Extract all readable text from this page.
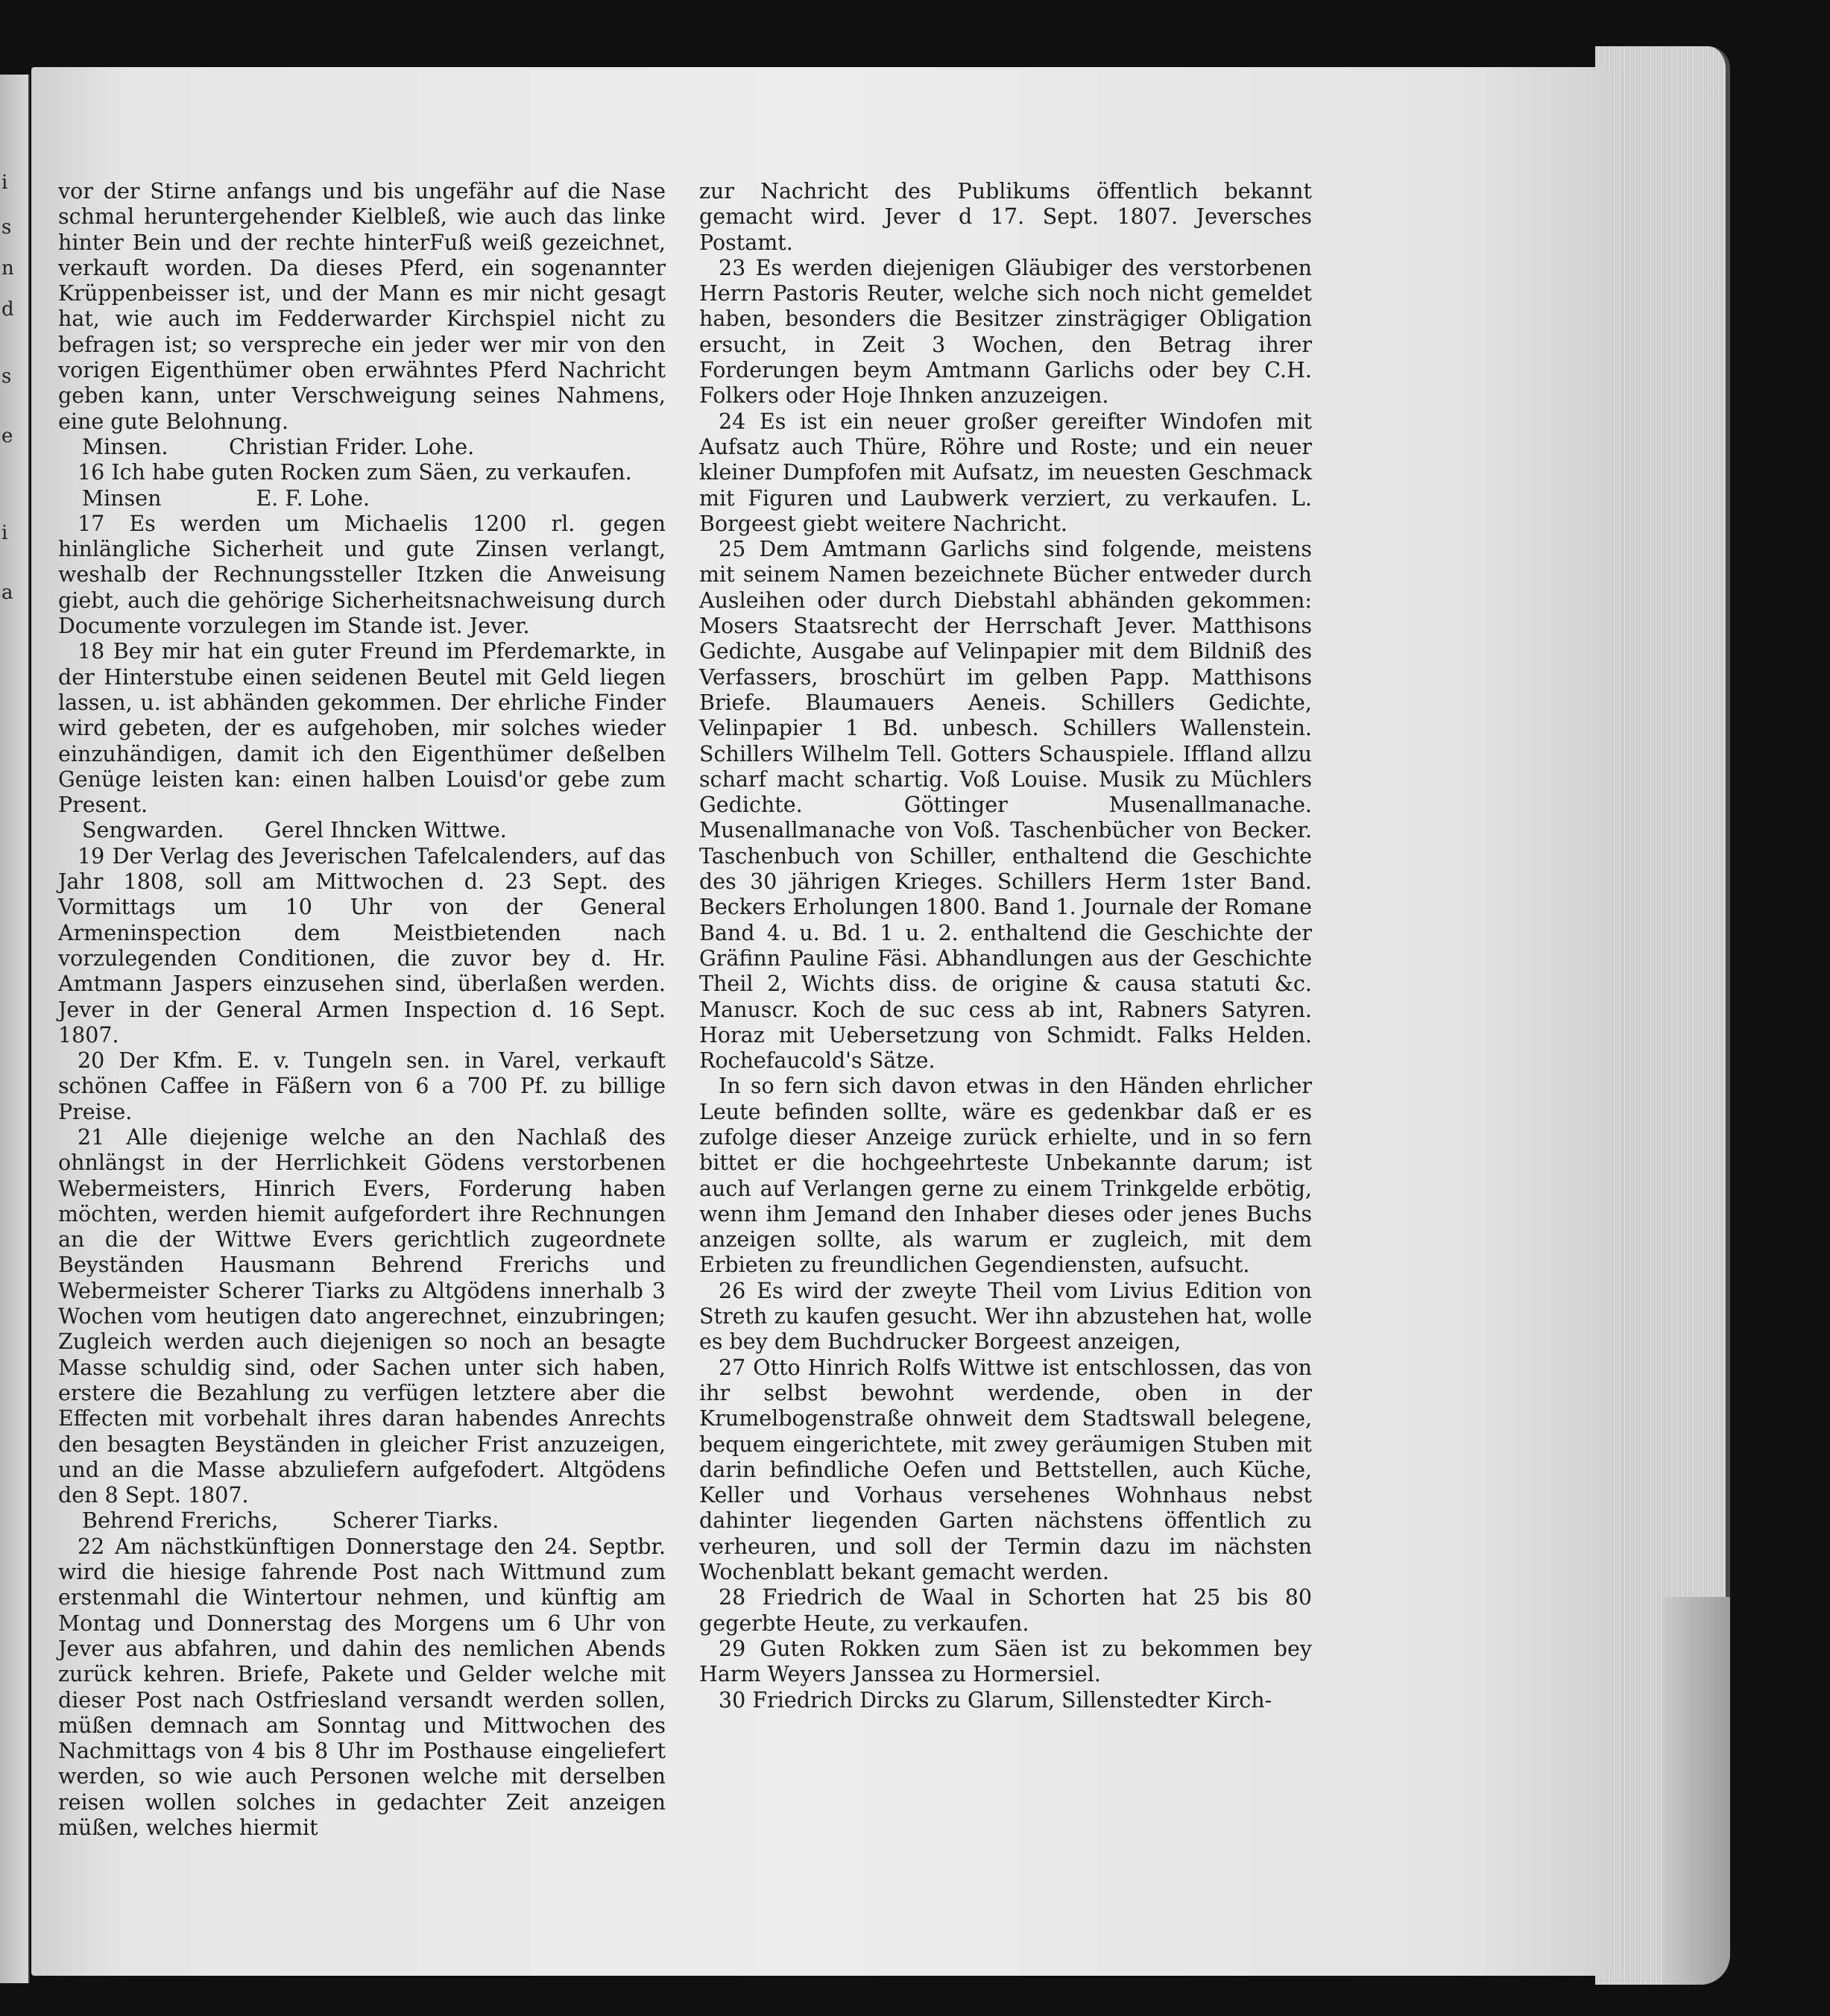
i
s
n
d
s
e
i
a

vor der Stirne anfangs und bis ungefähr auf die Nase schmal heruntergehender Kielbleß, wie auch das linke hinter Bein und der rechte hinterFuß weiß gezeichnet, verkauft worden. Da dieses Pferd, ein sogenannter Krüppenbeisser ist, und der Mann es mir nicht gesagt hat, wie auch im Fedderwarder Kirchspiel nicht zu befragen ist; so verspreche ein jeder wer mir von den vorigen Eigenthümer oben erwähntes Pferd Nachricht geben kann, unter Verschweigung seines Nahmens, eine gute Belohnung.

Minsen.         Christian Frider. Lohe.

16 Ich habe guten Rocken zum Säen, zu verkaufen.

Minsen              E. F. Lohe.

17 Es werden um Michaelis 1200 rl. gegen hinlängliche Sicherheit und gute Zinsen verlangt, weshalb der Rechnungssteller Itzken die Anweisung giebt, auch die gehörige Sicherheitsnachweisung durch Documente vorzulegen im Stande ist. Jever.

18 Bey mir hat ein guter Freund im Pferdemarkte, in der Hinterstube einen seidenen Beutel mit Geld liegen lassen, u. ist abhänden gekommen. Der ehrliche Finder wird gebeten, der es aufgehoben, mir solches wieder einzuhändigen, damit ich den Eigenthümer deßelben Genüge leisten kan: einen halben Louisd'or gebe zum Present.

Sengwarden.      Gerel Ihncken Wittwe.

19 Der Verlag des Jeverischen Tafelcalenders, auf das Jahr 1808, soll am Mittwochen d. 23 Sept. des Vormittags um 10 Uhr von der General Armeninspection dem Meistbietenden nach vorzulegenden Conditionen, die zuvor bey d. Hr. Amtmann Jaspers einzusehen sind, überlaßen werden. Jever in der General Armen Inspection d. 16 Sept. 1807.

20 Der Kfm. E. v. Tungeln sen. in Varel, verkauft schönen Caffee in Fäßern von 6 a 700 Pf. zu billige Preise.

21 Alle diejenige welche an den Nachlaß des ohnlängst in der Herrlichkeit Gödens verstorbenen Webermeisters, Hinrich Evers, Forderung haben möchten, werden hiemit aufgefordert ihre Rechnungen an die der Wittwe Evers gerichtlich zugeordnete Beyständen Hausmann Behrend Frerichs und Webermeister Scherer Tiarks zu Altgödens innerhalb 3 Wochen vom heutigen dato angerechnet, einzubringen; Zugleich werden auch diejenigen so noch an besagte Masse schuldig sind, oder Sachen unter sich haben, erstere die Bezahlung zu verfügen letztere aber die Effecten mit vorbehalt ihres daran habendes Anrechts den besagten Beyständen in gleicher Frist anzuzeigen, und an die Masse abzuliefern aufgefodert. Altgödens den 8 Sept. 1807.

Behrend Frerichs,        Scherer Tiarks.

22 Am nächstkünftigen Donnerstage den 24. Septbr. wird die hiesige fahrende Post nach Wittmund zum erstenmahl die Wintertour nehmen, und künftig am Montag und Donnerstag des Morgens um 6 Uhr von Jever aus abfahren, und dahin des nemlichen Abends zurück kehren. Briefe, Pakete und Gelder welche mit dieser Post nach Ostfriesland versandt werden sollen, müßen demnach am Sonntag und Mittwochen des Nachmittags von 4 bis 8 Uhr im Posthause eingeliefert werden, so wie auch Personen welche mit derselben reisen wollen solches in gedachter Zeit anzeigen müßen, welches hiermit

zur Nachricht des Publikums öffentlich bekannt gemacht wird. Jever d 17. Sept. 1807. Jeversches Postamt.

23 Es werden diejenigen Gläubiger des verstorbenen Herrn Pastoris Reuter, welche sich noch nicht gemeldet haben, besonders die Besitzer zinsträgiger Obligation ersucht, in Zeit 3 Wochen, den Betrag ihrer Forderungen beym Amtmann Garlichs oder bey C.H. Folkers oder Hoje Ihnken anzuzeigen.

24 Es ist ein neuer großer gereifter Windofen mit Aufsatz auch Thüre, Röhre und Roste; und ein neuer kleiner Dumpfofen mit Aufsatz, im neuesten Geschmack mit Figuren und Laubwerk verziert, zu verkaufen. L. Borgeest giebt weitere Nachricht.

25 Dem Amtmann Garlichs sind folgende, meistens mit seinem Namen bezeichnete Bücher entweder durch Ausleihen oder durch Diebstahl abhänden gekommen: Mosers Staatsrecht der Herrschaft Jever. Matthisons Gedichte, Ausgabe auf Velinpapier mit dem Bildniß des Verfassers, broschürt im gelben Papp. Matthisons Briefe. Blaumauers Aeneis. Schillers Gedichte, Velinpapier 1 Bd. unbesch. Schillers Wallenstein. Schillers Wilhelm Tell. Gotters Schauspiele. Iffland allzu scharf macht schartig. Voß Louise. Musik zu Müchlers Gedichte. Göttinger Musenallmanache. Musenallmanache von Voß. Taschenbücher von Becker. Taschenbuch von Schiller, enthaltend die Geschichte des 30 jährigen Krieges. Schillers Herm 1ster Band. Beckers Erholungen 1800. Band 1. Journale der Romane Band 4. u. Bd. 1 u. 2. enthaltend die Geschichte der Gräfinn Pauline Fäsi. Abhandlungen aus der Geschichte Theil 2, Wichts diss. de origine & causa statuti &c. Manuscr. Koch de suc cess ab int, Rabners Satyren. Horaz mit Uebersetzung von Schmidt. Falks Helden. Rochefaucold's Sätze.

In so fern sich davon etwas in den Händen ehrlicher Leute befinden sollte, wäre es gedenkbar daß er es zufolge dieser Anzeige zurück erhielte, und in so fern bittet er die hochgeehrteste Unbekannte darum; ist auch auf Verlangen gerne zu einem Trinkgelde erbötig, wenn ihm Jemand den Inhaber dieses oder jenes Buchs anzeigen sollte, als warum er zugleich, mit dem Erbieten zu freundlichen Gegendiensten, aufsucht.

26 Es wird der zweyte Theil vom Livius Edition von Streth zu kaufen gesucht. Wer ihn abzustehen hat, wolle es bey dem Buchdrucker Borgeest anzeigen,

27 Otto Hinrich Rolfs Wittwe ist entschlossen, das von ihr selbst bewohnt werdende, oben in der Krumelbogenstraße ohnweit dem Stadtswall belegene, bequem eingerichtete, mit zwey geräumigen Stuben mit darin befindliche Oefen und Bettstellen, auch Küche, Keller und Vorhaus versehenes Wohnhaus nebst dahinter liegenden Garten nächstens öffentlich zu verheuren, und soll der Termin dazu im nächsten Wochenblatt bekant gemacht werden.

28 Friedrich de Waal in Schorten hat 25 bis 80 gegerbte Heute, zu verkaufen.

29 Guten Rokken zum Säen ist zu bekommen bey Harm Weyers Janssea zu Hormersiel.

30 Friedrich Dircks zu Glarum, Sillenstedter Kirch-
